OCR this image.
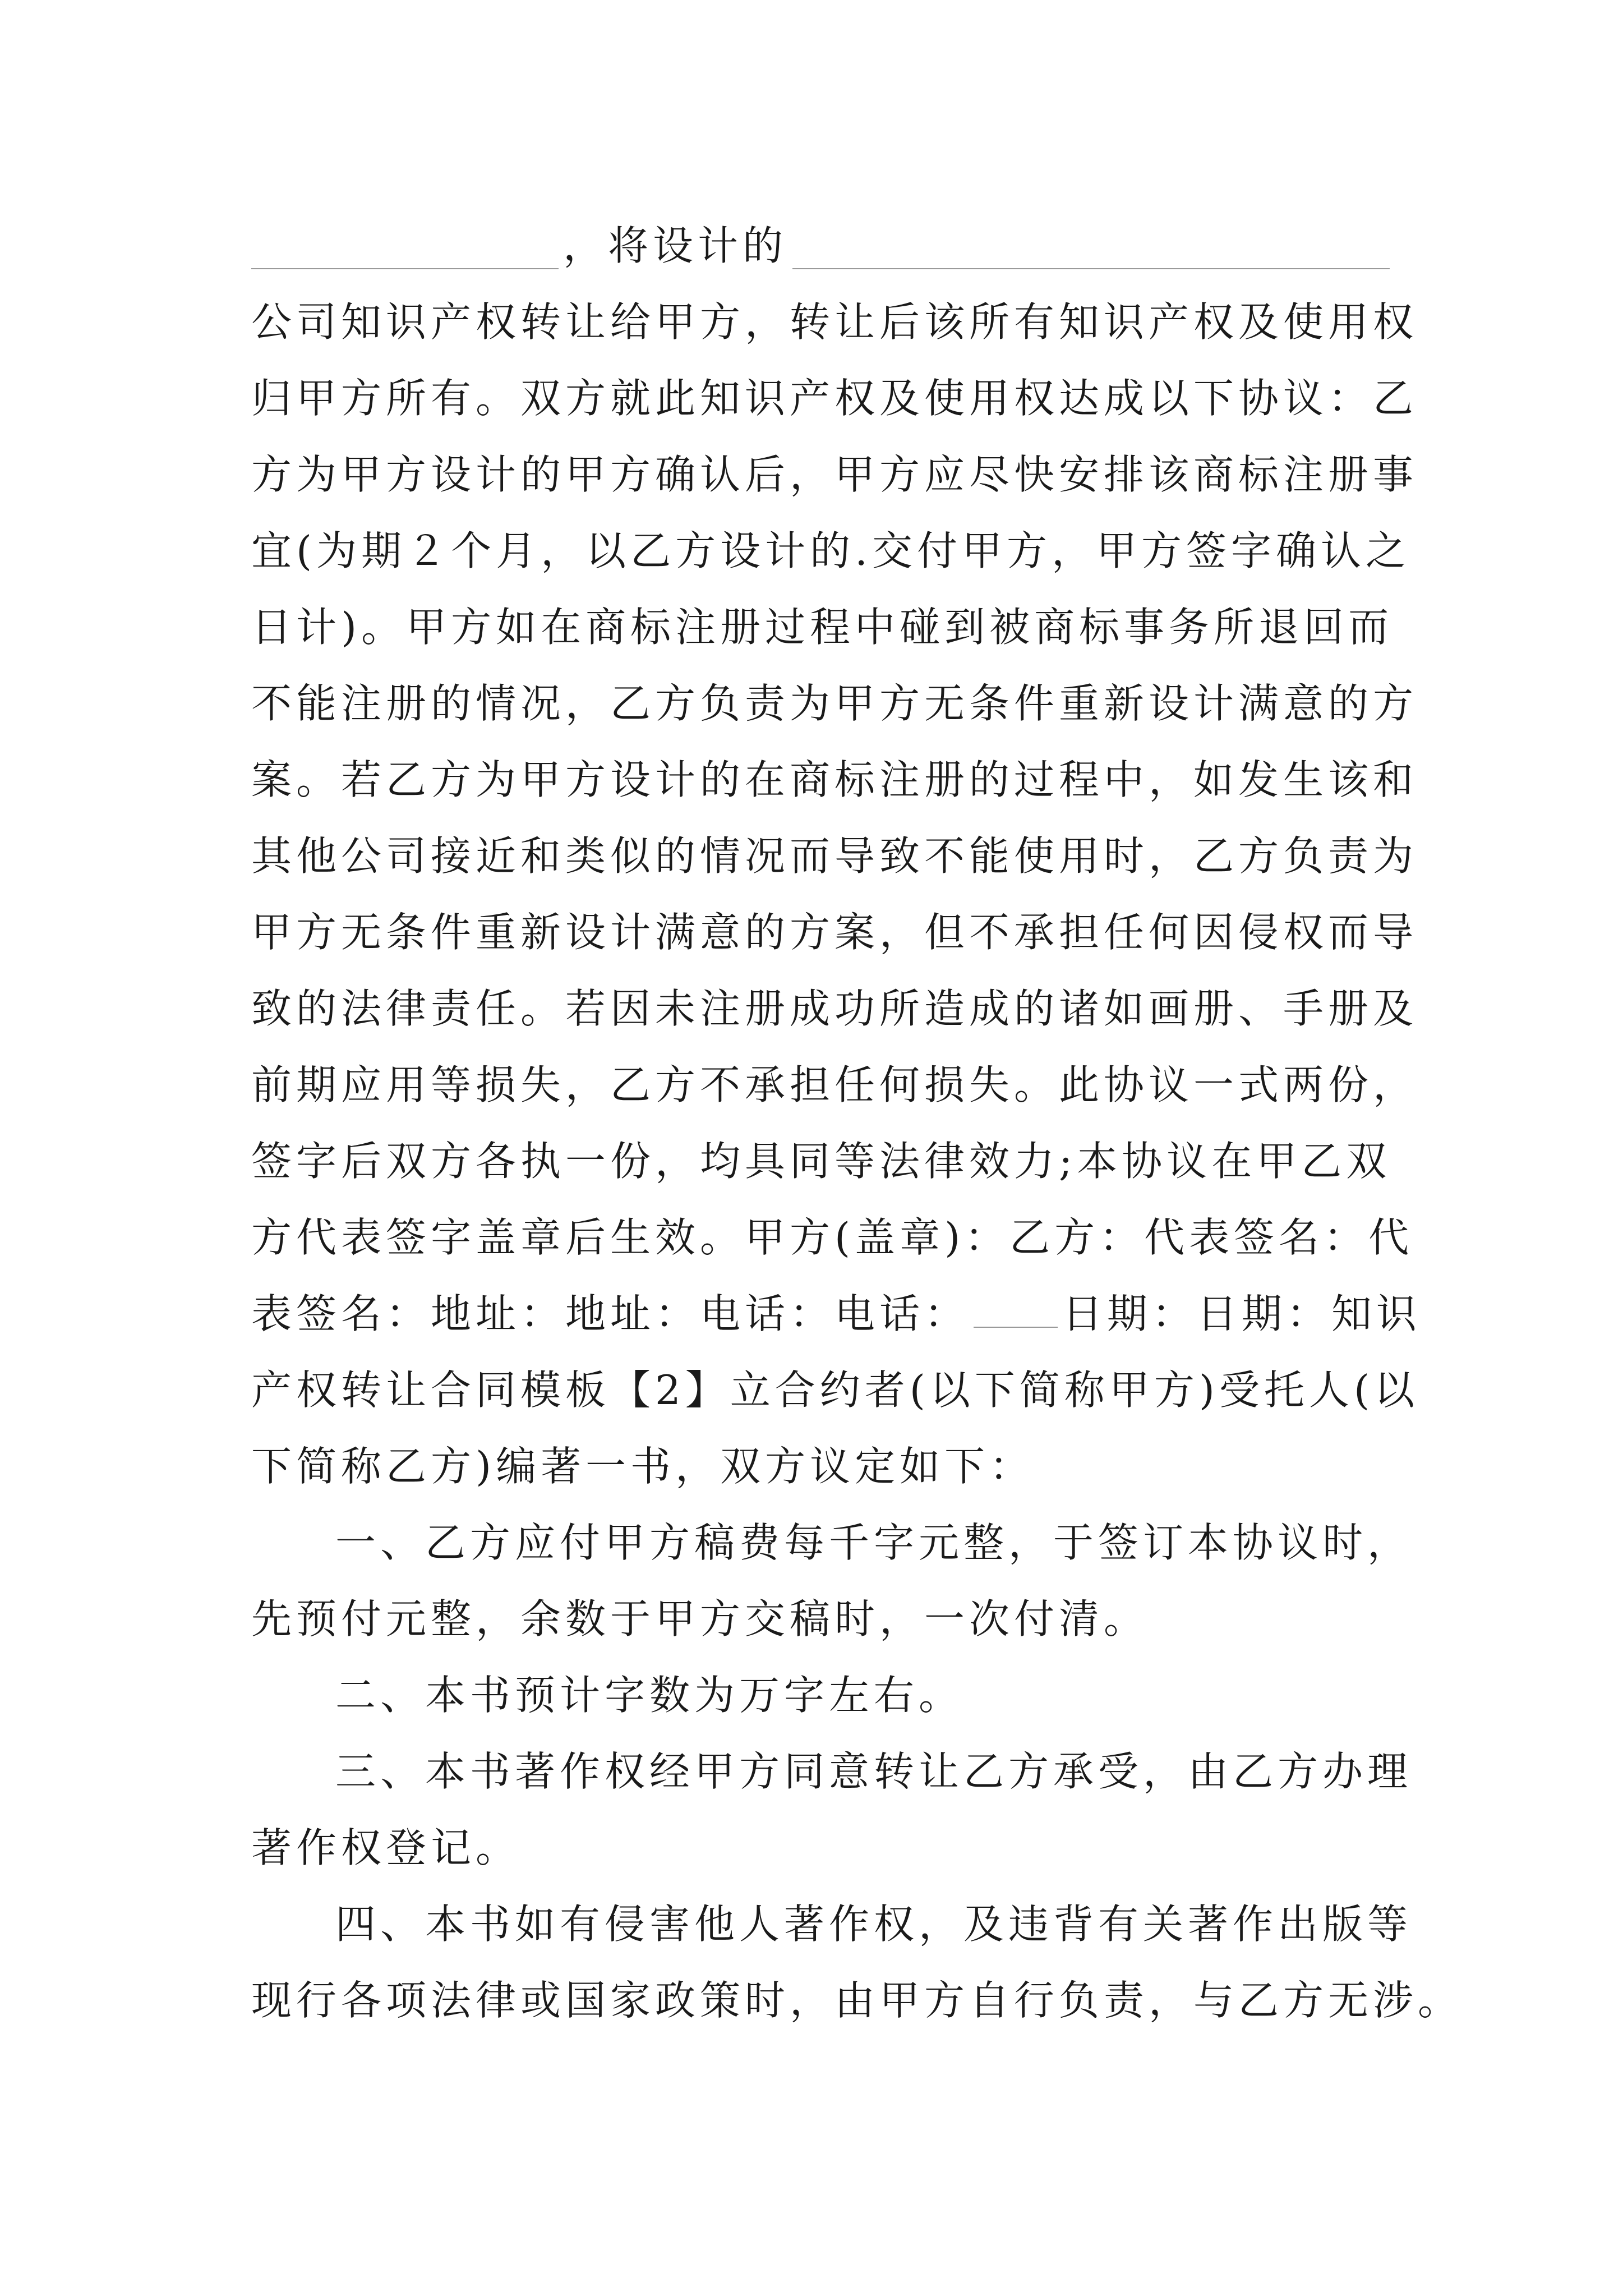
，将设计的
公司知识产权转让给甲方，转让后该所有知识产权及使用权
归甲方所有。双方就此知识产权及使用权达成以下协议：乙
方为甲方设计的甲方确认后，甲方应尽快安排该商标注册事
宜(为期２个月，以乙方设计的.交付甲方，甲方签字确认之
日计)。甲方如在商标注册过程中碰到被商标事务所退回而
不能注册的情况，乙方负责为甲方无条件重新设计满意的方
案。若乙方为甲方设计的在商标注册的过程中，如发生该和
其他公司接近和类似的情况而导致不能使用时，乙方负责为
甲方无条件重新设计满意的方案，但不承担任何因侵权而导
致的法律责任。若因未注册成功所造成的诸如画册、手册及
前期应用等损失，乙方不承担任何损失。此协议一式两份，
签字后双方各执一份，均具同等法律效力;本协议在甲乙双
方代表签字盖章后生效。甲方(盖章)：乙方：代表签名：代
表签名：地址：地址：电话：电话： 日期：日期：知识
产权转让合同模板【2】立合约者(以下简称甲方)受托人(以
下简称乙方)编著一书，双方议定如下：
一、乙方应付甲方稿费每千字元整，于签订本协议时，
先预付元整，余数于甲方交稿时，一次付清。
二、本书预计字数为万字左右。
三、本书著作权经甲方同意转让乙方承受，由乙方办理
著作权登记。
四、本书如有侵害他人著作权，及违背有关著作出版等
现行各项法律或国家政策时，由甲方自行负责，与乙方无涉。
